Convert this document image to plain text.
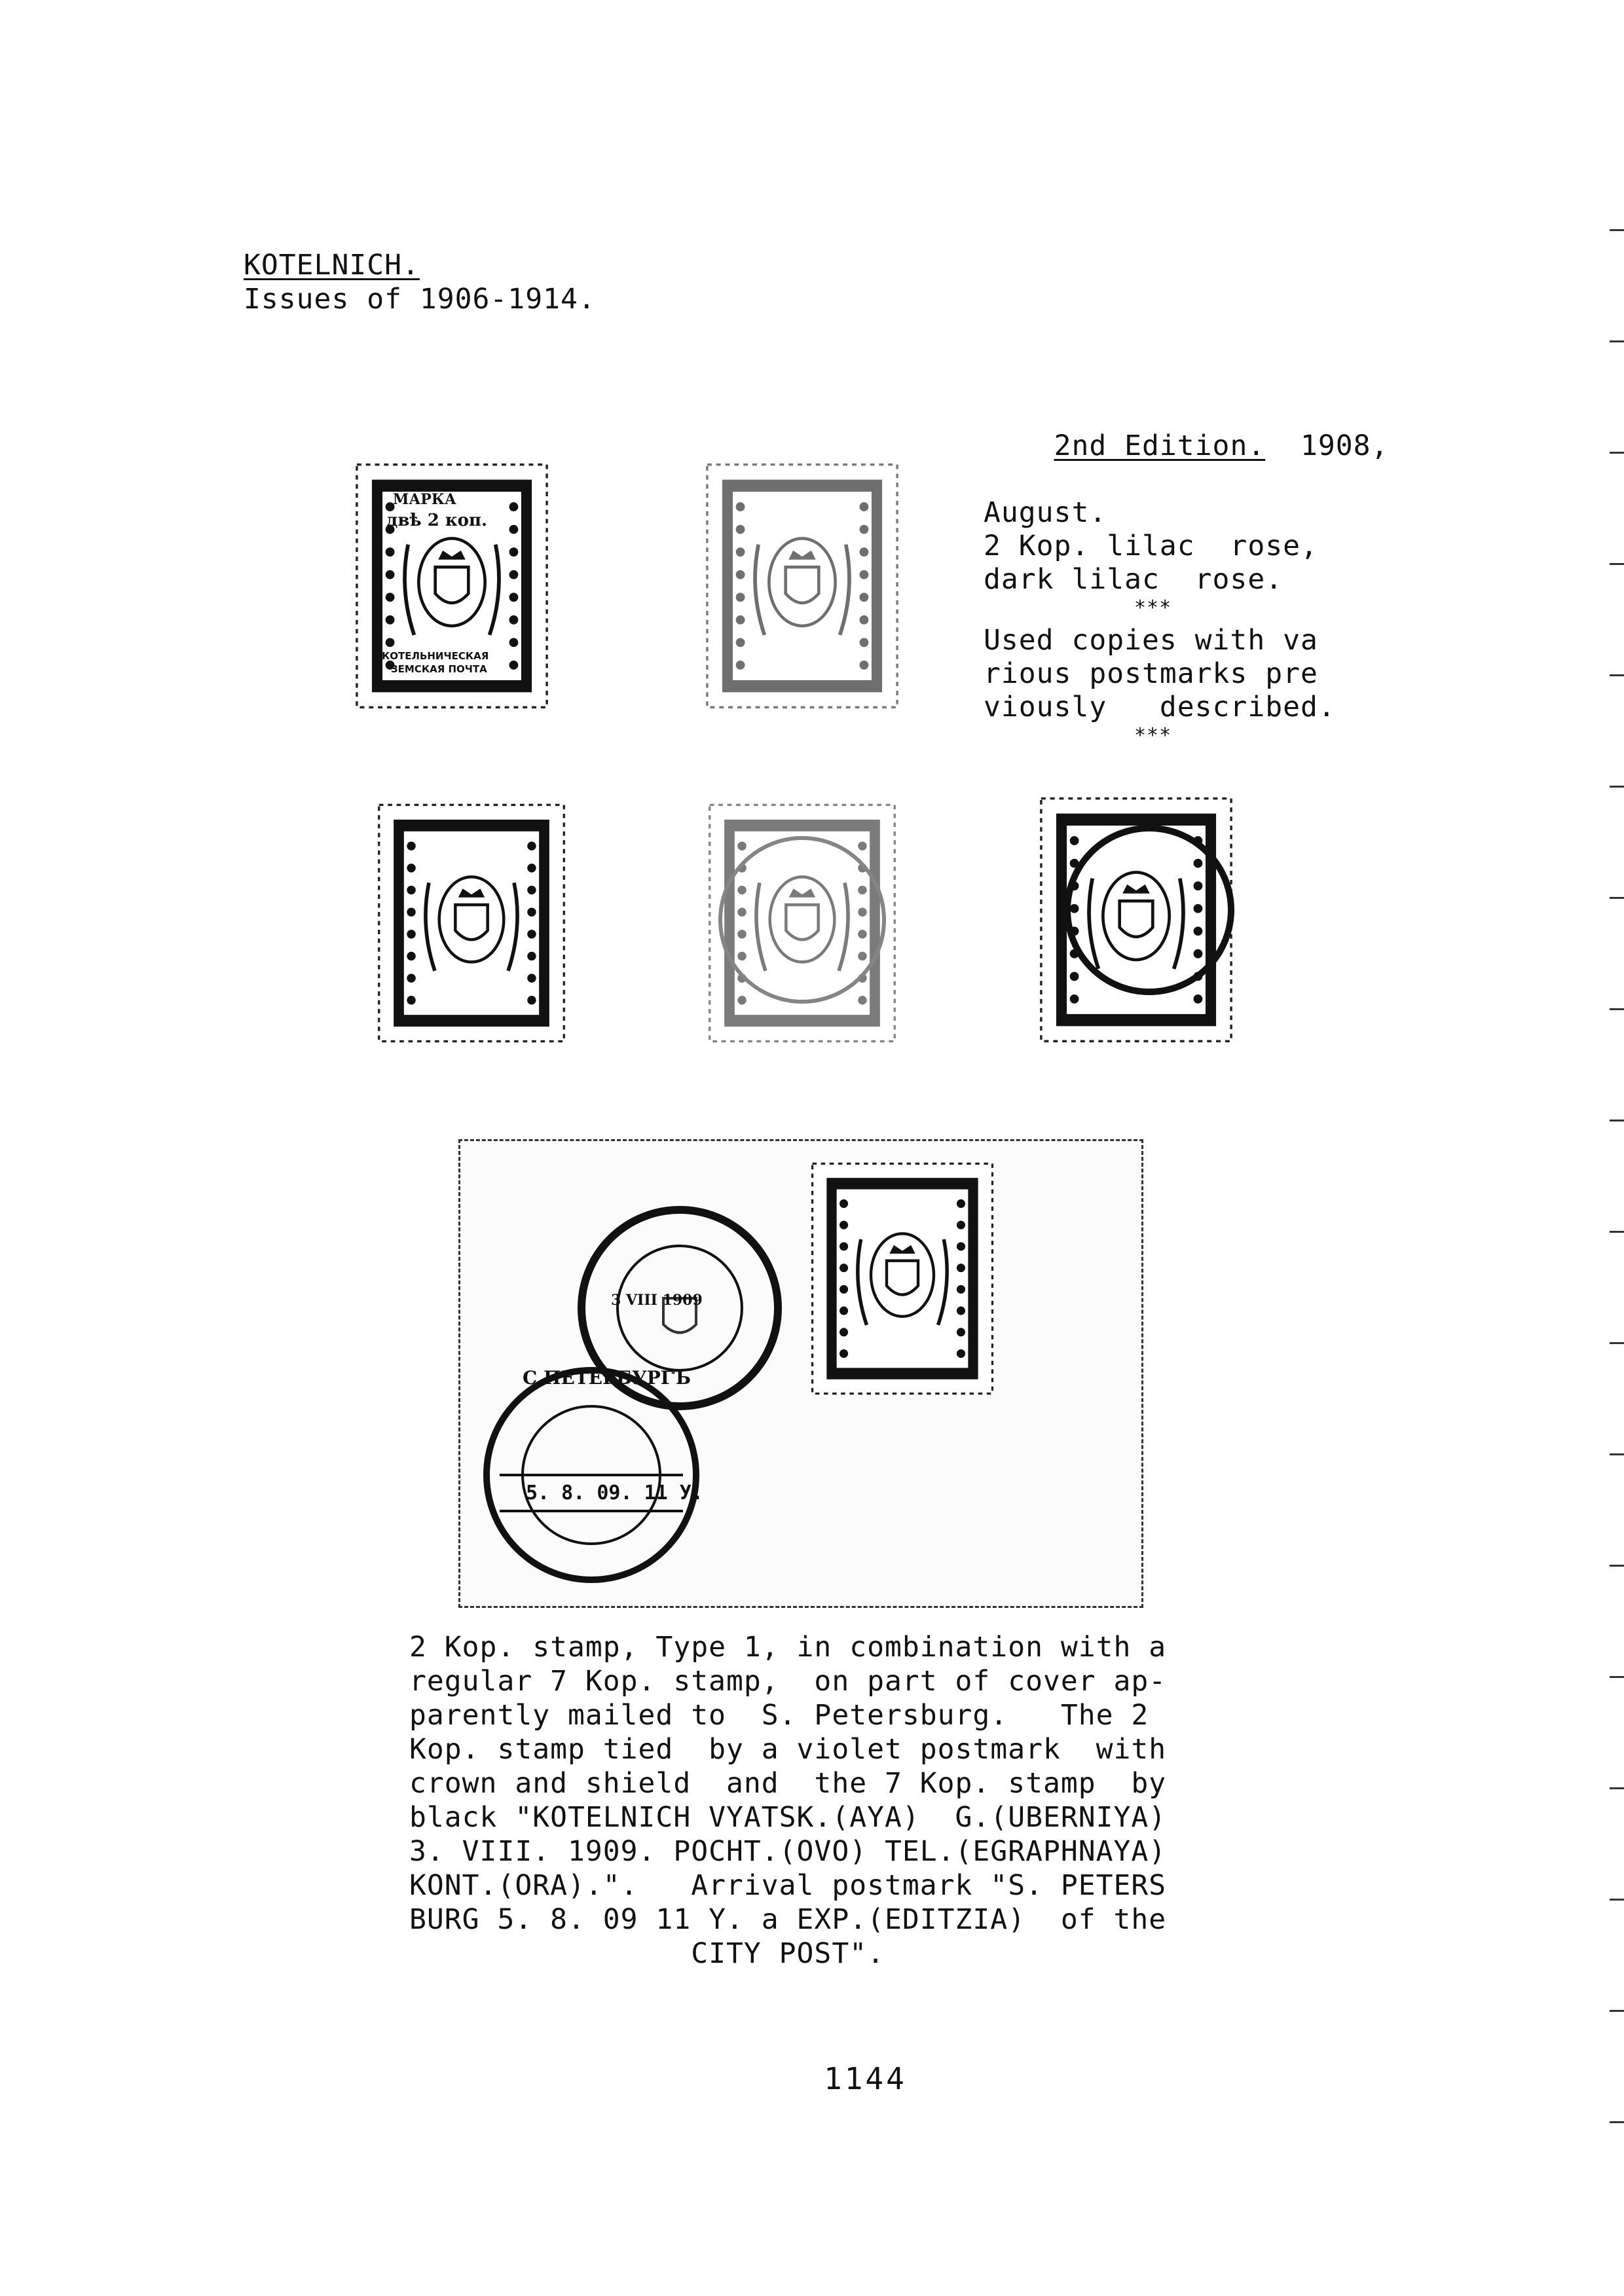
KOTELNICH.
Issues of 1906-1914.

2nd Edition. 1908,

August.
2 Kop. lilac  rose,
dark lilac  rose.
***
Used copies with va
rious postmarks pre
viously   described.
***
МАРКА
двѣ 2 коп.
КОТЕЛЬНИЧЕСКАЯ
ЗЕМСКАЯ ПОЧТА
3 VIII 1909
С.ПЕТЕРБУРГЪ
5. 8. 09. 11 У.

2 Kop. stamp, Type 1, in combination with a

regular 7 Kop. stamp,  on part of cover ap-

parently mailed to  S. Petersburg.   The 2

Kop. stamp tied  by a violet postmark  with

crown and shield  and  the 7 Kop. stamp  by

black "KOTELNICH VYATSK.(AYA)  G.(UBERNIYA)

3. VIII. 1909. POCHT.(OVO) TEL.(EGRAPHNAYA)

KONT.(ORA).".   Arrival postmark "S. PETERS

BURG 5. 8. 09 11 Y. a EXP.(EDITZIA)  of the

CITY POST".

1144
